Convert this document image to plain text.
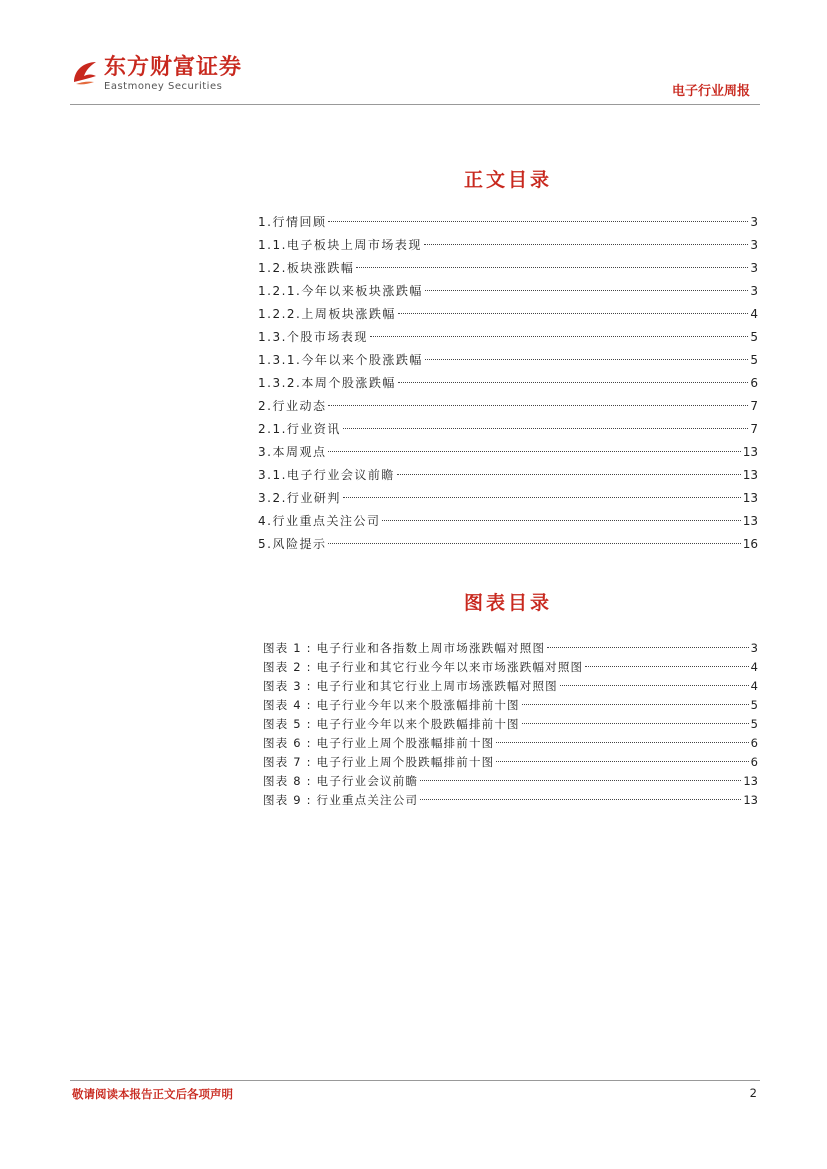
东方财富证券
Eastmoney Securities	电子行业周报
正文目录
1.行情回顾	3
1.1.电子板块上周市场表现	3
1.2.板块涨跌幅	3
1.2.1.今年以来板块涨跌幅	3
1.2.2.上周板块涨跌幅	4
1.3.个股市场表现	5
1.3.1.今年以来个股涨跌幅	5
1.3.2.本周个股涨跌幅	6
2.行业动态	7
2.1.行业资讯	7
3.本周观点	13
3.1.电子行业会议前瞻	13
3.2.行业研判	13
4.行业重点关注公司	13
5.风险提示	16
图表目录
图表 1 : 电子行业和各指数上周市场涨跌幅对照图	3
图表 2 : 电子行业和其它行业今年以来市场涨跌幅对照图	4
图表 3 : 电子行业和其它行业上周市场涨跌幅对照图	4
图表 4 : 电子行业今年以来个股涨幅排前十图	5
图表 5 : 电子行业今年以来个股跌幅排前十图	5
图表 6 : 电子行业上周个股涨幅排前十图	6
图表 7 : 电子行业上周个股跌幅排前十图	6
图表 8 : 电子行业会议前瞻	13
图表 9 : 行业重点关注公司	13
敬请阅读本报告正文后各项声明	2
